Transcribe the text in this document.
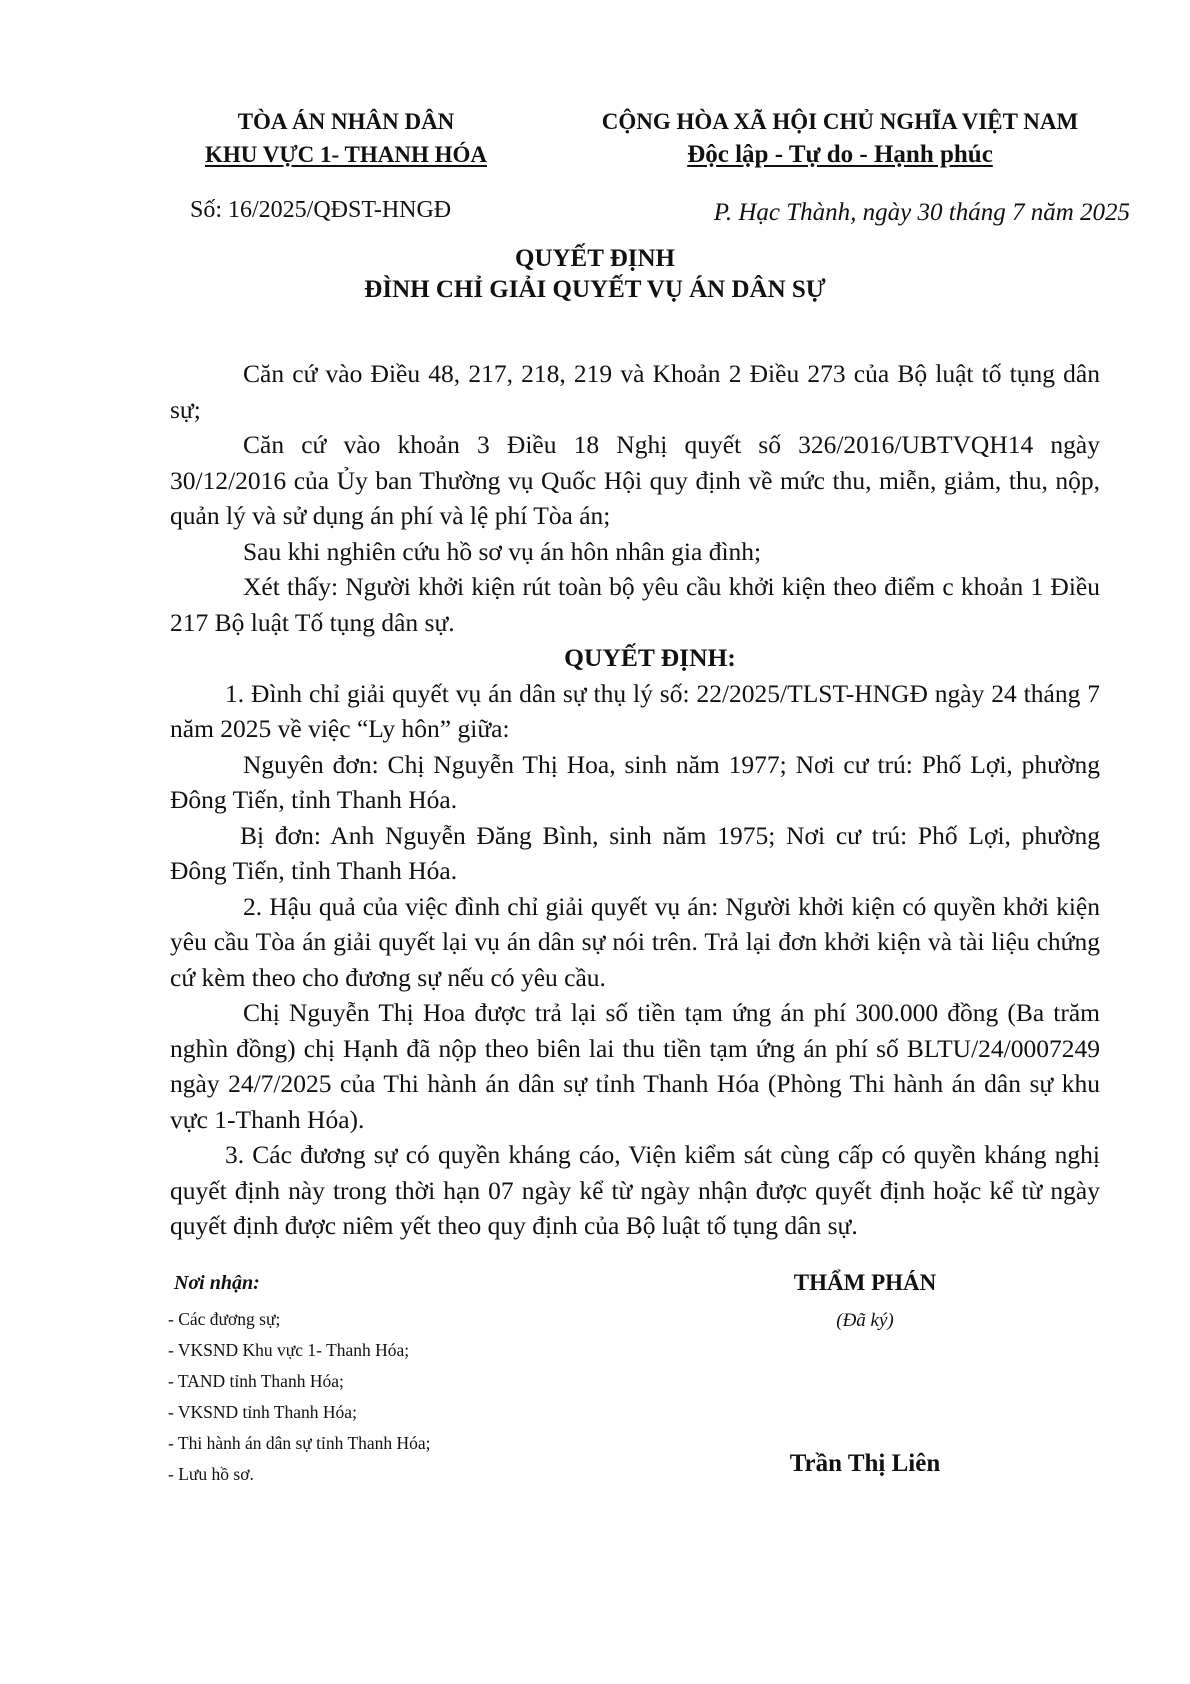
TÒA ÁN NHÂN DÂN
KHU VỰC 1- THANH HÓA
CỘNG HÒA XÃ HỘI CHỦ NGHĨA VIỆT NAM
Độc lập - Tự do - Hạnh phúc
Số: 16/2025/QĐST-HNGĐ	P. Hạc Thành, ngày 30 tháng 7 năm 2025
QUYẾT ĐỊNH
ĐÌNH CHỈ GIẢI QUYẾT VỤ ÁN DÂN SỰ

Căn cứ vào Điều 48, 217, 218, 219 và Khoản 2 Điều 273 của Bộ luật tố tụng dân sự;

Căn cứ vào khoản 3 Điều 18 Nghị quyết số 326/2016/UBTVQH14 ngày 30/12/2016 của Ủy ban Thường vụ Quốc Hội quy định về mức thu, miễn, giảm, thu, nộp, quản lý và sử dụng án phí và lệ phí Tòa án;

Sau khi nghiên cứu hồ sơ vụ án hôn nhân gia đình;

Xét thấy: Người khởi kiện rút toàn bộ yêu cầu khởi kiện theo điểm c khoản 1 Điều 217 Bộ luật Tố tụng dân sự.

QUYẾT ĐỊNH:

1. Đình chỉ giải quyết vụ án dân sự thụ lý số: 22/2025/TLST-HNGĐ ngày 24 tháng 7 năm 2025 về việc “Ly hôn” giữa:

Nguyên đơn: Chị Nguyễn Thị Hoa, sinh năm 1977; Nơi cư trú: Phố Lợi, phường Đông Tiến, tỉnh Thanh Hóa.

Bị đơn: Anh Nguyễn Đăng Bình, sinh năm 1975; Nơi cư trú: Phố Lợi, phường Đông Tiến, tỉnh Thanh Hóa.

2. Hậu quả của việc đình chỉ giải quyết vụ án: Người khởi kiện có quyền khởi kiện yêu cầu Tòa án giải quyết lại vụ án dân sự nói trên. Trả lại đơn khởi kiện và tài liệu chứng cứ kèm theo cho đương sự nếu có yêu cầu.

Chị Nguyễn Thị Hoa được trả lại số tiền tạm ứng án phí 300.000 đồng (Ba trăm nghìn đồng) chị Hạnh đã nộp theo biên lai thu tiền tạm ứng án phí số BLTU/24/0007249 ngày 24/7/2025 của Thi hành án dân sự tỉnh Thanh Hóa (Phòng Thi hành án dân sự khu vực 1-Thanh Hóa).

3. Các đương sự có quyền kháng cáo, Viện kiểm sát cùng cấp có quyền kháng nghị quyết định này trong thời hạn 07 ngày kể từ ngày nhận được quyết định hoặc kể từ ngày quyết định được niêm yết theo quy định của Bộ luật tố tụng dân sự.

Nơi nhận:
- Các đương sự;
- VKSND Khu vực 1- Thanh Hóa;
- TAND tỉnh Thanh Hóa;
- VKSND tỉnh Thanh Hóa;
- Thi hành án dân sự tỉnh Thanh Hóa;
- Lưu hồ sơ.
THẨM PHÁN
(Đã ký)
Trần Thị Liên
